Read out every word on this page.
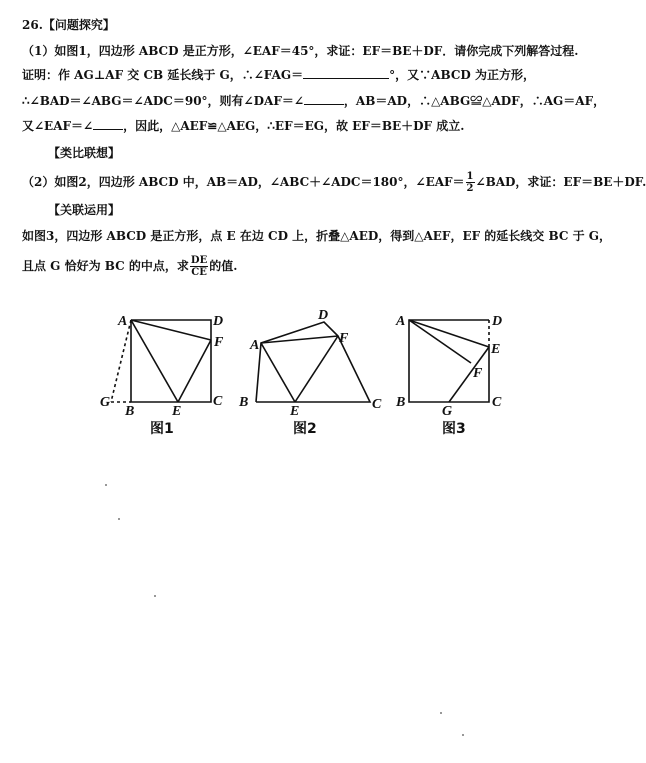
26.【问题探究】
（1）如图1，四边形 ABCD 是正方形，∠EAF＝45°，求证：EF＝BE＋DF．请你完成下列解答过程.
证明：作 AG⊥AF 交 CB 延长线于 G，∴∠FAG＝	°，又∵ABCD 为正方形，
∴∠BAD＝∠ABG＝∠ADC＝90°，则有∠DAF＝∠	，AB＝AD，∴△ABG≌△ADF，∴AG＝AF，
又∠EAF＝∠	，因此，△AEF≌△AEG，∴EF＝EG，故 EF＝BE＋DF 成立.
【类比联想】
（2）如图2，四边形 ABCD 中，AB＝AD，∠ABC＋∠ADC＝180°，∠EAF＝ $\frac{1}{2}$ ∠BAD，求证：EF＝BE＋DF.
【关联运用】
如图3，四边形 ABCD 是正方形，点 E 在边 CD 上，折叠△AED，得到△AEF，EF 的延长线交 BC 于 G，
且点 G 恰好为 BC 的中点，求 $\frac{DE}{CE}$ 的值.
A	D
F
G
B	E
C
图1
A
D
F
B
E	C
图2
A	D
E
F
B
G
C
图3
